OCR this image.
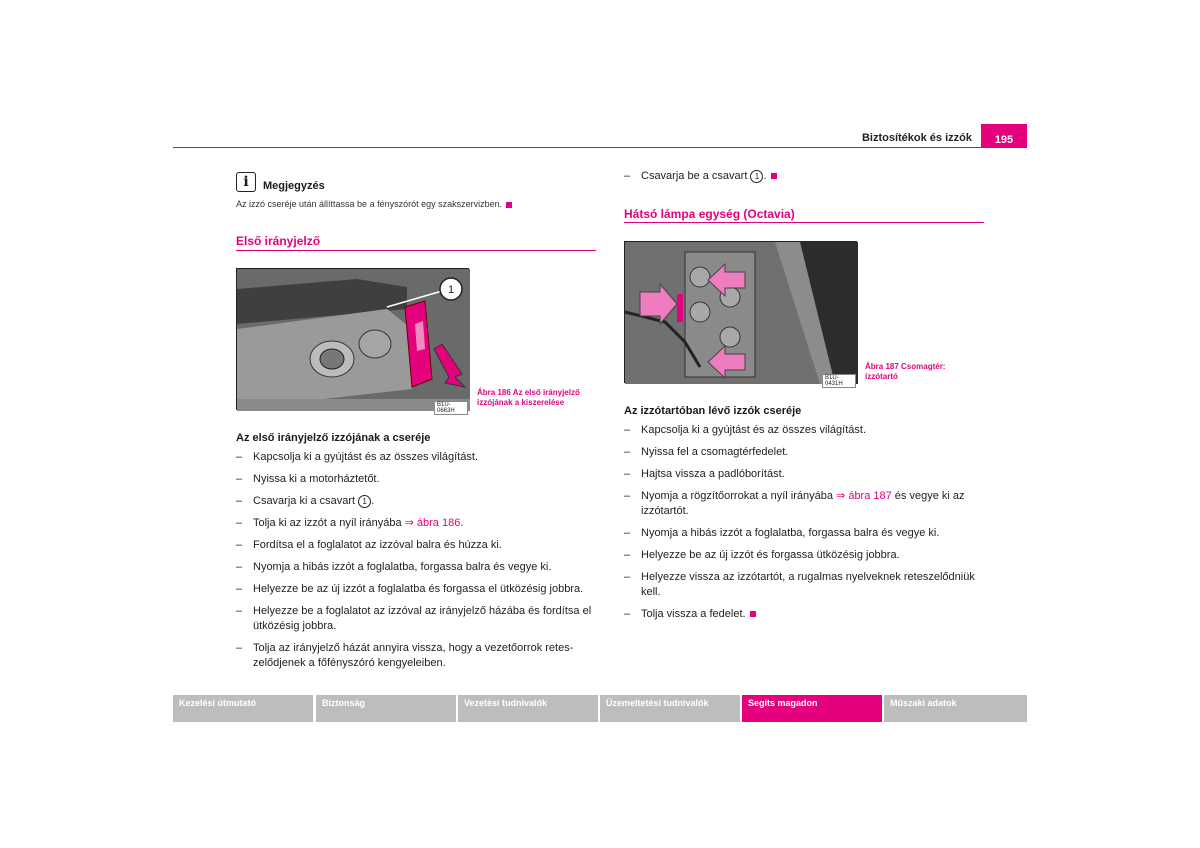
Biztosítékok és izzók	195
i	Megjegyzés
Az izzó cseréje után állíttassa be a fényszórót egy szakszervizben.
Első irányjelző
1
B1U-0663H
Ábra 186 Az első irányjelző izzójának a kiszerelése
Az első irányjelző izzójának a cseréje
– Kapcsolja ki a gyújtást és az összes világítást.
– Nyissa ki a motorháztetőt.
– Csavarja ki a csavart 1 .
– Tolja ki az izzót a nyíl irányába ⇒ ábra 186.
– Fordítsa el a foglalatot az izzóval balra és húzza ki.
– Nyomja a hibás izzót a foglalatba, forgassa balra és vegye ki.
– Helyezze be az új izzót a foglalatba és forgassa el ütközésig jobbra.
– Helyezze be a foglalatot az izzóval az irányjelző házába és fordítsa el ütközésig jobbra.
– Tolja az irányjelző házát annyira vissza, hogy a vezetőorrok retes-zelődjenek a főfényszóró kengyeleiben.
– Csavarja be a csavart 1 .
Hátsó lámpa egység (Octavia)
B1U-0431H
Ábra 187 Csomagtér: izzótartó
Az izzótartóban lévő izzók cseréje
– Kapcsolja ki a gyújtást és az összes világítást.
– Nyissa fel a csomagtérfedelet.
– Hajtsa vissza a padlóborítást.
– Nyomja a rögzítőorrokat a nyíl irányába ⇒ ábra 187 és vegye ki az izzótartót.
– Nyomja a hibás izzót a foglalatba, forgassa balra és vegye ki.
– Helyezze be az új izzót és forgassa ütközésig jobbra.
– Helyezze vissza az izzótartót, a rugalmas nyelveknek reteszelődniük kell.
– Tolja vissza a fedelet.
Kezelési útmutató	Biztonság	Vezetési tudnivalók	Üzemeltetési tudnivalók	Segíts magadon	Műszaki adatok
